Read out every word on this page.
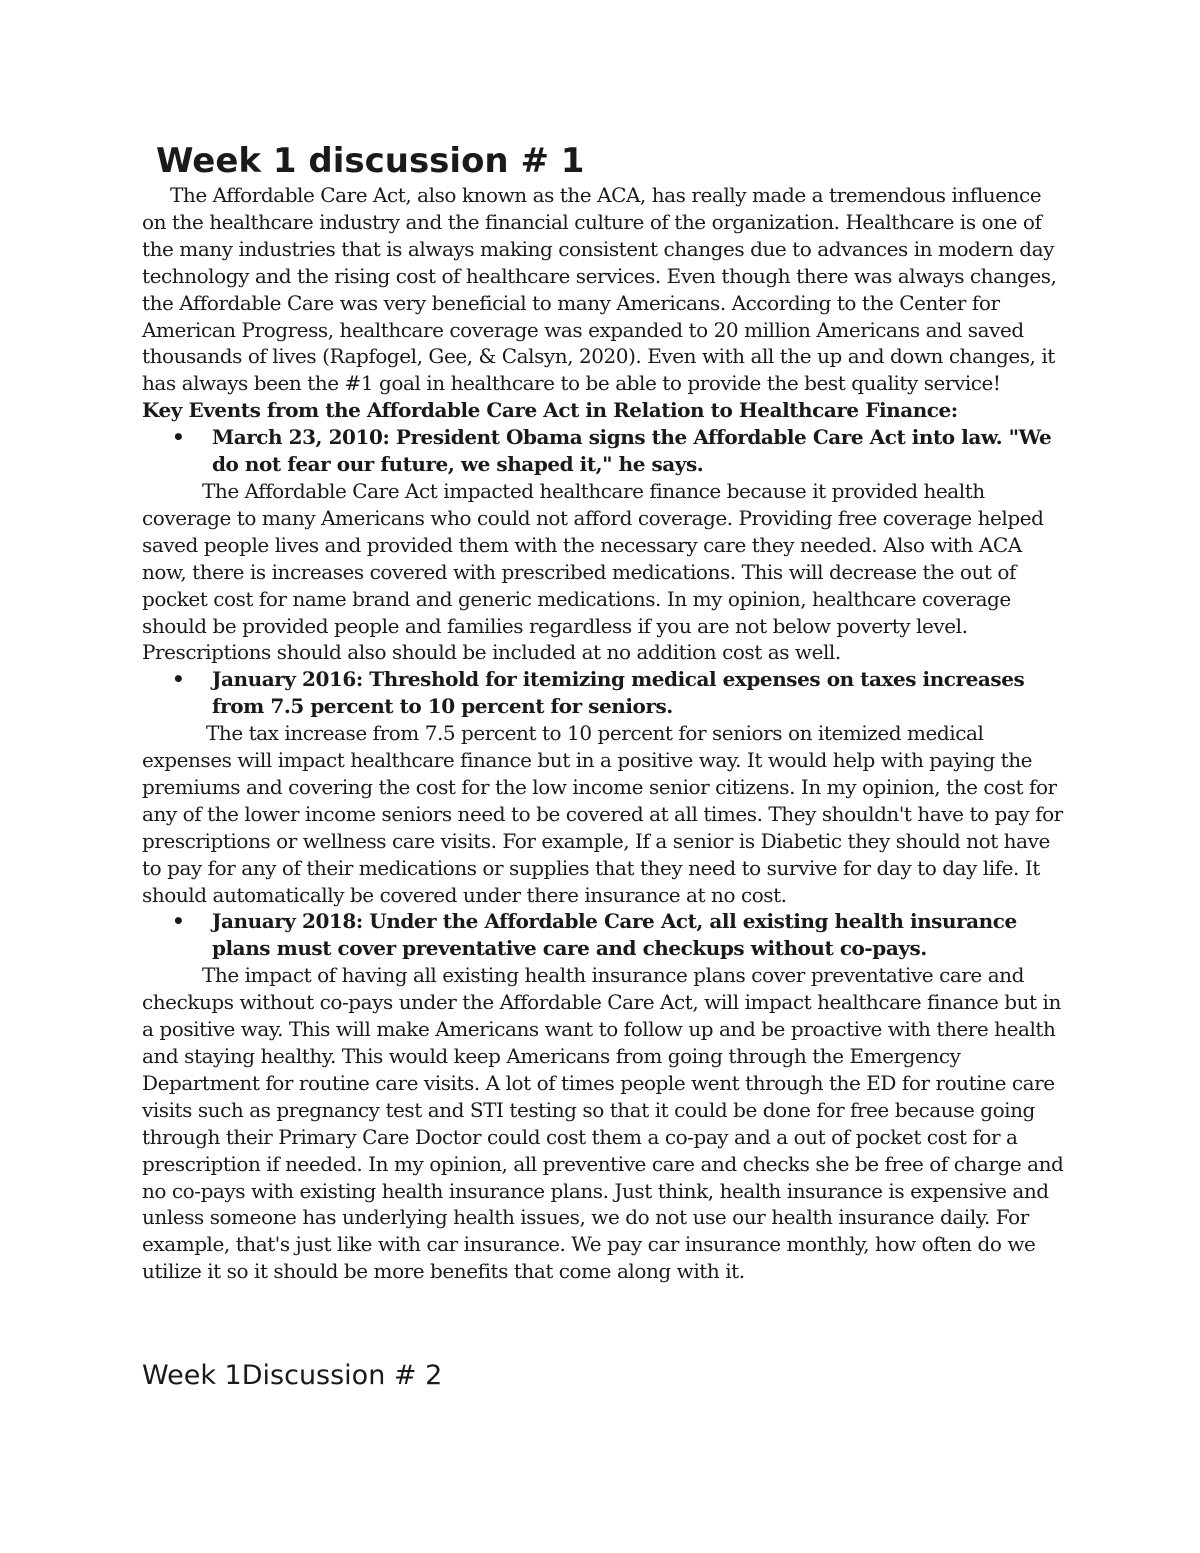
Week 1 discussion # 1

The Affordable Care Act, also known as the ACA, has really made a tremendous influence on the healthcare industry and the financial culture of the organization. Healthcare is one of the many industries that is always making consistent changes due to advances in modern day technology and the rising cost of healthcare services. Even though there was always changes, the Affordable Care was very beneficial to many Americans. According to the Center for American Progress, healthcare coverage was expanded to 20 million Americans and saved thousands of lives (Rapfogel, Gee, & Calsyn, 2020). Even with all the up and down changes, it has always been the #1 goal in healthcare to be able to provide the best quality service!

Key Events from the Affordable Care Act in Relation to Healthcare Finance:

• March 23, 2010: President Obama signs the Affordable Care Act into law. "We do not fear our future, we shaped it," he says.

The Affordable Care Act impacted healthcare finance because it provided health coverage to many Americans who could not afford coverage. Providing free coverage helped saved people lives and provided them with the necessary care they needed. Also with ACA now, there is increases covered with prescribed medications. This will decrease the out of pocket cost for name brand and generic medications. In my opinion, healthcare coverage should be provided people and families regardless if you are not below poverty level. Prescriptions should also should be included at no addition cost as well.

• January 2016: Threshold for itemizing medical expenses on taxes increases from 7.5 percent to 10 percent for seniors.

The tax increase from 7.5 percent to 10 percent for seniors on itemized medical expenses will impact healthcare finance but in a positive way. It would help with paying the premiums and covering the cost for the low income senior citizens. In my opinion, the cost for any of the lower income seniors need to be covered at all times. They shouldn't have to pay for prescriptions or wellness care visits. For example, If a senior is Diabetic they should not have to pay for any of their medications or supplies that they need to survive for day to day life. It should automatically be covered under there insurance at no cost.

• January 2018: Under the Affordable Care Act, all existing health insurance plans must cover preventative care and checkups without co-pays.

The impact of having all existing health insurance plans cover preventative care and checkups without co-pays under the Affordable Care Act, will impact healthcare finance but in a positive way. This will make Americans want to follow up and be proactive with there health and staying healthy. This would keep Americans from going through the Emergency Department for routine care visits. A lot of times people went through the ED for routine care visits such as pregnancy test and STI testing so that it could be done for free because going through their Primary Care Doctor could cost them a co-pay and a out of pocket cost for a prescription if needed. In my opinion, all preventive care and checks she be free of charge and no co-pays with existing health insurance plans. Just think, health insurance is expensive and unless someone has underlying health issues, we do not use our health insurance daily. For example, that's just like with car insurance. We pay car insurance monthly, how often do we utilize it so it should be more benefits that come along with it.

Week 1Discussion # 2
